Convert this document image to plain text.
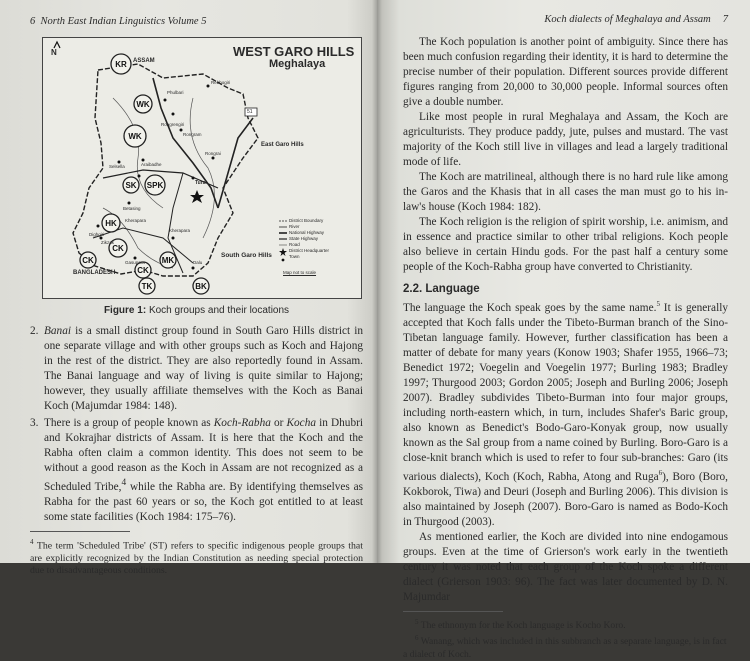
6 North East Indian Linguistics Volume 5
KR
WK
WK
SK SPK
HK
CK
CK
CK
MK
TK	BK
N	WEST GARO HILLS
Meghalaya
ASSAM
East Garo Hills
South Garo Hills
BANGLADESH	Map not to scale
51
Phulbari
Rongrengiri
Rongram
Selsella	Araibadhe
Betasing
Kherapara
Dighgiri
Zikzak
Gasupara
Kherapara
Dalu
Tura
Rongrai
Rebbogiri
District Boundary
River
National Highway
State Highway
Road
District Headquarter
Town
Figure 1: Koch groups and their locations
2. Banai is a small distinct group found in South Garo Hills district in one separate village and with other groups such as Koch and Hajong in the rest of the district. They are also reportedly found in Assam. The Banai language and way of living is quite similar to Hajong; however, they usually affiliate themselves with the Koch as Banai Koch (Majumdar 1984: 148).
3. There is a group of people known as Koch-Rabha or Kocha in Dhubri and Kokrajhar districts of Assam. It is here that the Koch and the Rabha often claim a common identity. This does not seem to be without a good reason as the Koch in Assam are not recognized as a Scheduled Tribe,$^4$ while the Rabha are. By identifying themselves as Rabha for the past 60 years or so, the Koch got entitled to at least some state facilities (Koch 1984: 175–76).
$^4$ The term 'Scheduled Tribe' (ST) refers to specific indigenous people groups that are explicitly recognized by the Indian Constitution as needing special protection due to disadvantageous conditions.
Koch dialects of Meghalaya and Assam 7

The Koch population is another point of ambiguity. Since there has been much confusion regarding their identity, it is hard to determine the precise number of their population. Different sources provide different figures ranging from 20,000 to 30,000 people. Informal sources often give a double number.

Like most people in rural Meghalaya and Assam, the Koch are agriculturists. They produce paddy, jute, pulses and mustard. The vast majority of the Koch still live in villages and lead a largely traditional mode of life.

The Koch are matrilineal, although there is no hard rule like among the Garos and the Khasis that in all cases the man must go to his in-law's house (Koch 1984: 182).

The Koch religion is the religion of spirit worship, i.e. animism, and in essence and practice similar to other tribal religions. Koch people also believe in certain Hindu gods. For the past half a century some people of the Koch-Rabha group have converted to Christianity.

2.2. Language

The language the Koch speak goes by the same name.$^5$ It is generally accepted that Koch falls under the Tibeto-Burman branch of the Sino-Tibetan language family. However, further classification has been a matter of debate for many years (Konow 1903; Shafer 1955, 1966–73; Benedict 1972; Voegelin and Voegelin 1977; Burling 1983; Bradley 1997; Thurgood 2003; Gordon 2005; Joseph and Burling 2006; Joseph 2007). Bradley subdivides Tibeto-Burman into four major groups, including north-eastern which, in turn, includes Shafer's Baric group, also known as Benedict's Bodo-Garo-Konyak group, now usually known as the Sal group from a name coined by Burling. Boro-Garo is a close-knit branch which is used to refer to four sub-branches: Garo (its various dialects), Koch (Koch, Rabha, Atong and Ruga$^6$), Boro (Boro, Kokborok, Tiwa) and Deuri (Joseph and Burling 2006). This division is also maintained by Joseph (2007). Boro-Garo is named as Bodo-Koch in Thurgood (2003).

As mentioned earlier, the Koch are divided into nine endogamous groups. Even at the time of Grierson's work early in the twentieth century it was noted that each group of the Koch spoke a different dialect (Grierson 1903: 96). The fact was later documented by D. N. Majumdar

$^5$ The ethnonym for the Koch language is Kocho Koro.

$^6$ Wanang, which was included in this subbranch as a separate language, is in fact a dialect of Koch.
